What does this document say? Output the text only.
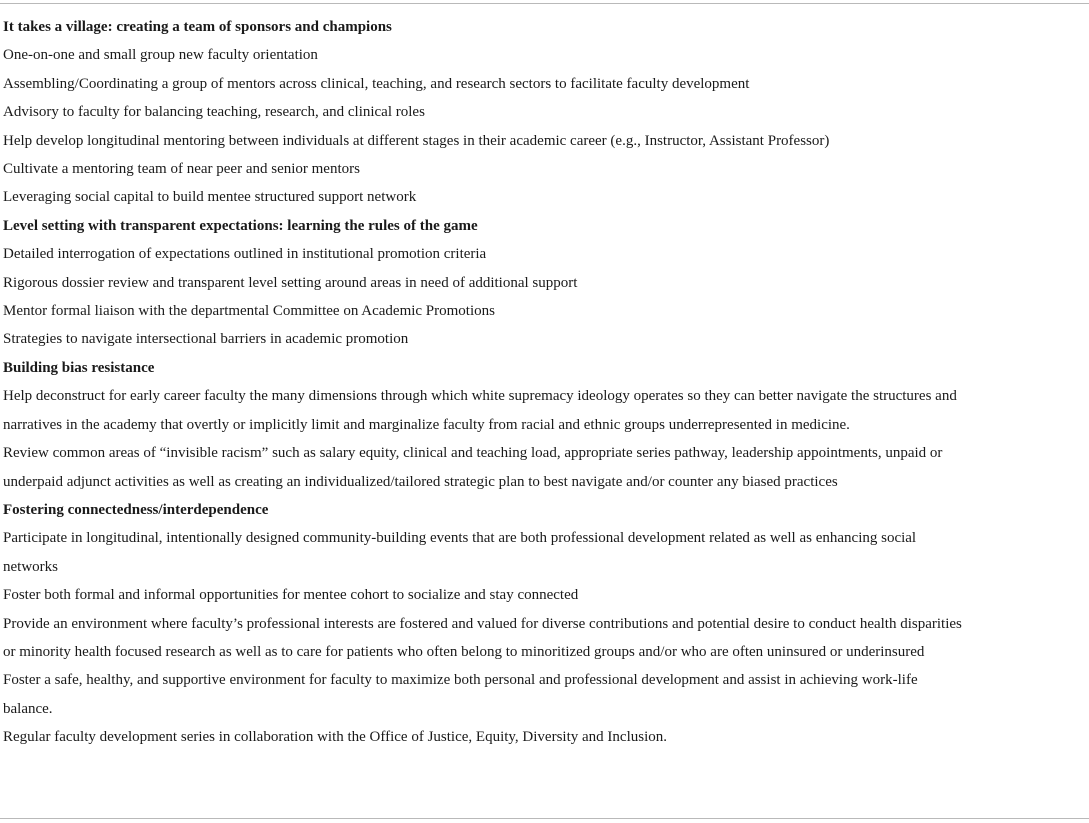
It takes a village: creating a team of sponsors and champions
One-on-one and small group new faculty orientation
Assembling/Coordinating a group of mentors across clinical, teaching, and research sectors to facilitate faculty development
Advisory to faculty for balancing teaching, research, and clinical roles
Help develop longitudinal mentoring between individuals at different stages in their academic career (e.g., Instructor, Assistant Professor)
Cultivate a mentoring team of near peer and senior mentors
Leveraging social capital to build mentee structured support network
Level setting with transparent expectations: learning the rules of the game
Detailed interrogation of expectations outlined in institutional promotion criteria
Rigorous dossier review and transparent level setting around areas in need of additional support
Mentor formal liaison with the departmental Committee on Academic Promotions
Strategies to navigate intersectional barriers in academic promotion
Building bias resistance
Help deconstruct for early career faculty the many dimensions through which white supremacy ideology operates so they can better navigate the structures and narratives in the academy that overtly or implicitly limit and marginalize faculty from racial and ethnic groups underrepresented in medicine.
Review common areas of “invisible racism” such as salary equity, clinical and teaching load, appropriate series pathway, leadership appointments, unpaid or underpaid adjunct activities as well as creating an individualized/tailored strategic plan to best navigate and/or counter any biased practices
Fostering connectedness/interdependence
Participate in longitudinal, intentionally designed community-building events that are both professional development related as well as enhancing social networks
Foster both formal and informal opportunities for mentee cohort to socialize and stay connected
Provide an environment where faculty’s professional interests are fostered and valued for diverse contributions and potential desire to conduct health disparities or minority health focused research as well as to care for patients who often belong to minoritized groups and/or who are often uninsured or underinsured
Foster a safe, healthy, and supportive environment for faculty to maximize both personal and professional development and assist in achieving work-life balance.
Regular faculty development series in collaboration with the Office of Justice, Equity, Diversity and Inclusion.
